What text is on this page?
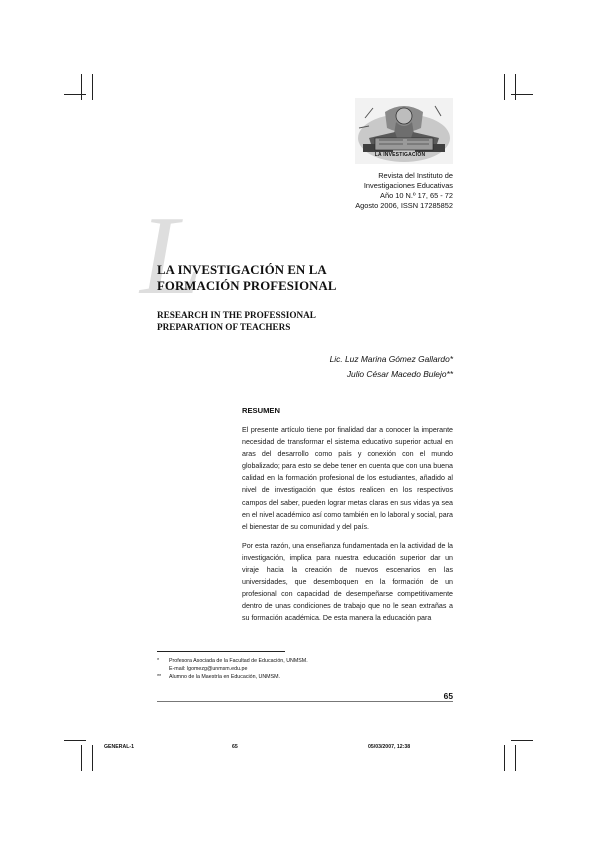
LA INVESTIGACIÓN
Revista del Instituto de
Investigaciones Educativas
Año 10 N.º 17, 65 - 72
Agosto 2006, ISSN 17285852
L
LA INVESTIGACIÓN EN LA
FORMACIÓN PROFESIONAL
RESEARCH IN THE PROFESSIONAL
PREPARATION OF TEACHERS
Lic. Luz Marina Gómez Gallardo*
Julio César Macedo Bulejo**
RESUMEN

El presente artículo tiene por finalidad dar a conocer la imperante necesidad de transformar el sistema educativo superior actual en aras del desarrollo como país y conexión con el mundo globalizado; para esto se debe tener en cuenta que con una buena calidad en la formación profesional de los estudiantes, añadido al nivel de investigación que éstos realicen en los respectivos campos del saber, pueden lograr metas claras en sus vidas ya sea en el nivel académico así como también en lo laboral y social, para el bienestar de su comunidad y del país.

Por esta razón, una enseñanza fundamentada en la actividad de la investigación, implica para nuestra educación superior dar un viraje hacia la creación de nuevos escenarios en las universidades, que desemboquen en la formación de un profesional con capacidad de desempeñarse competitivamente dentro de unas condiciones de trabajo que no le sean extrañas a su formación académica. De esta manera la educación para

* Profesora Asociada de la Facultad de Educación, UNMSM.
E-mail: lgomezg@unmsm.edu.pe
** Alumno de la Maestría en Educación, UNMSM.
65
GENERAL-1	65	05/03/2007, 12:38
